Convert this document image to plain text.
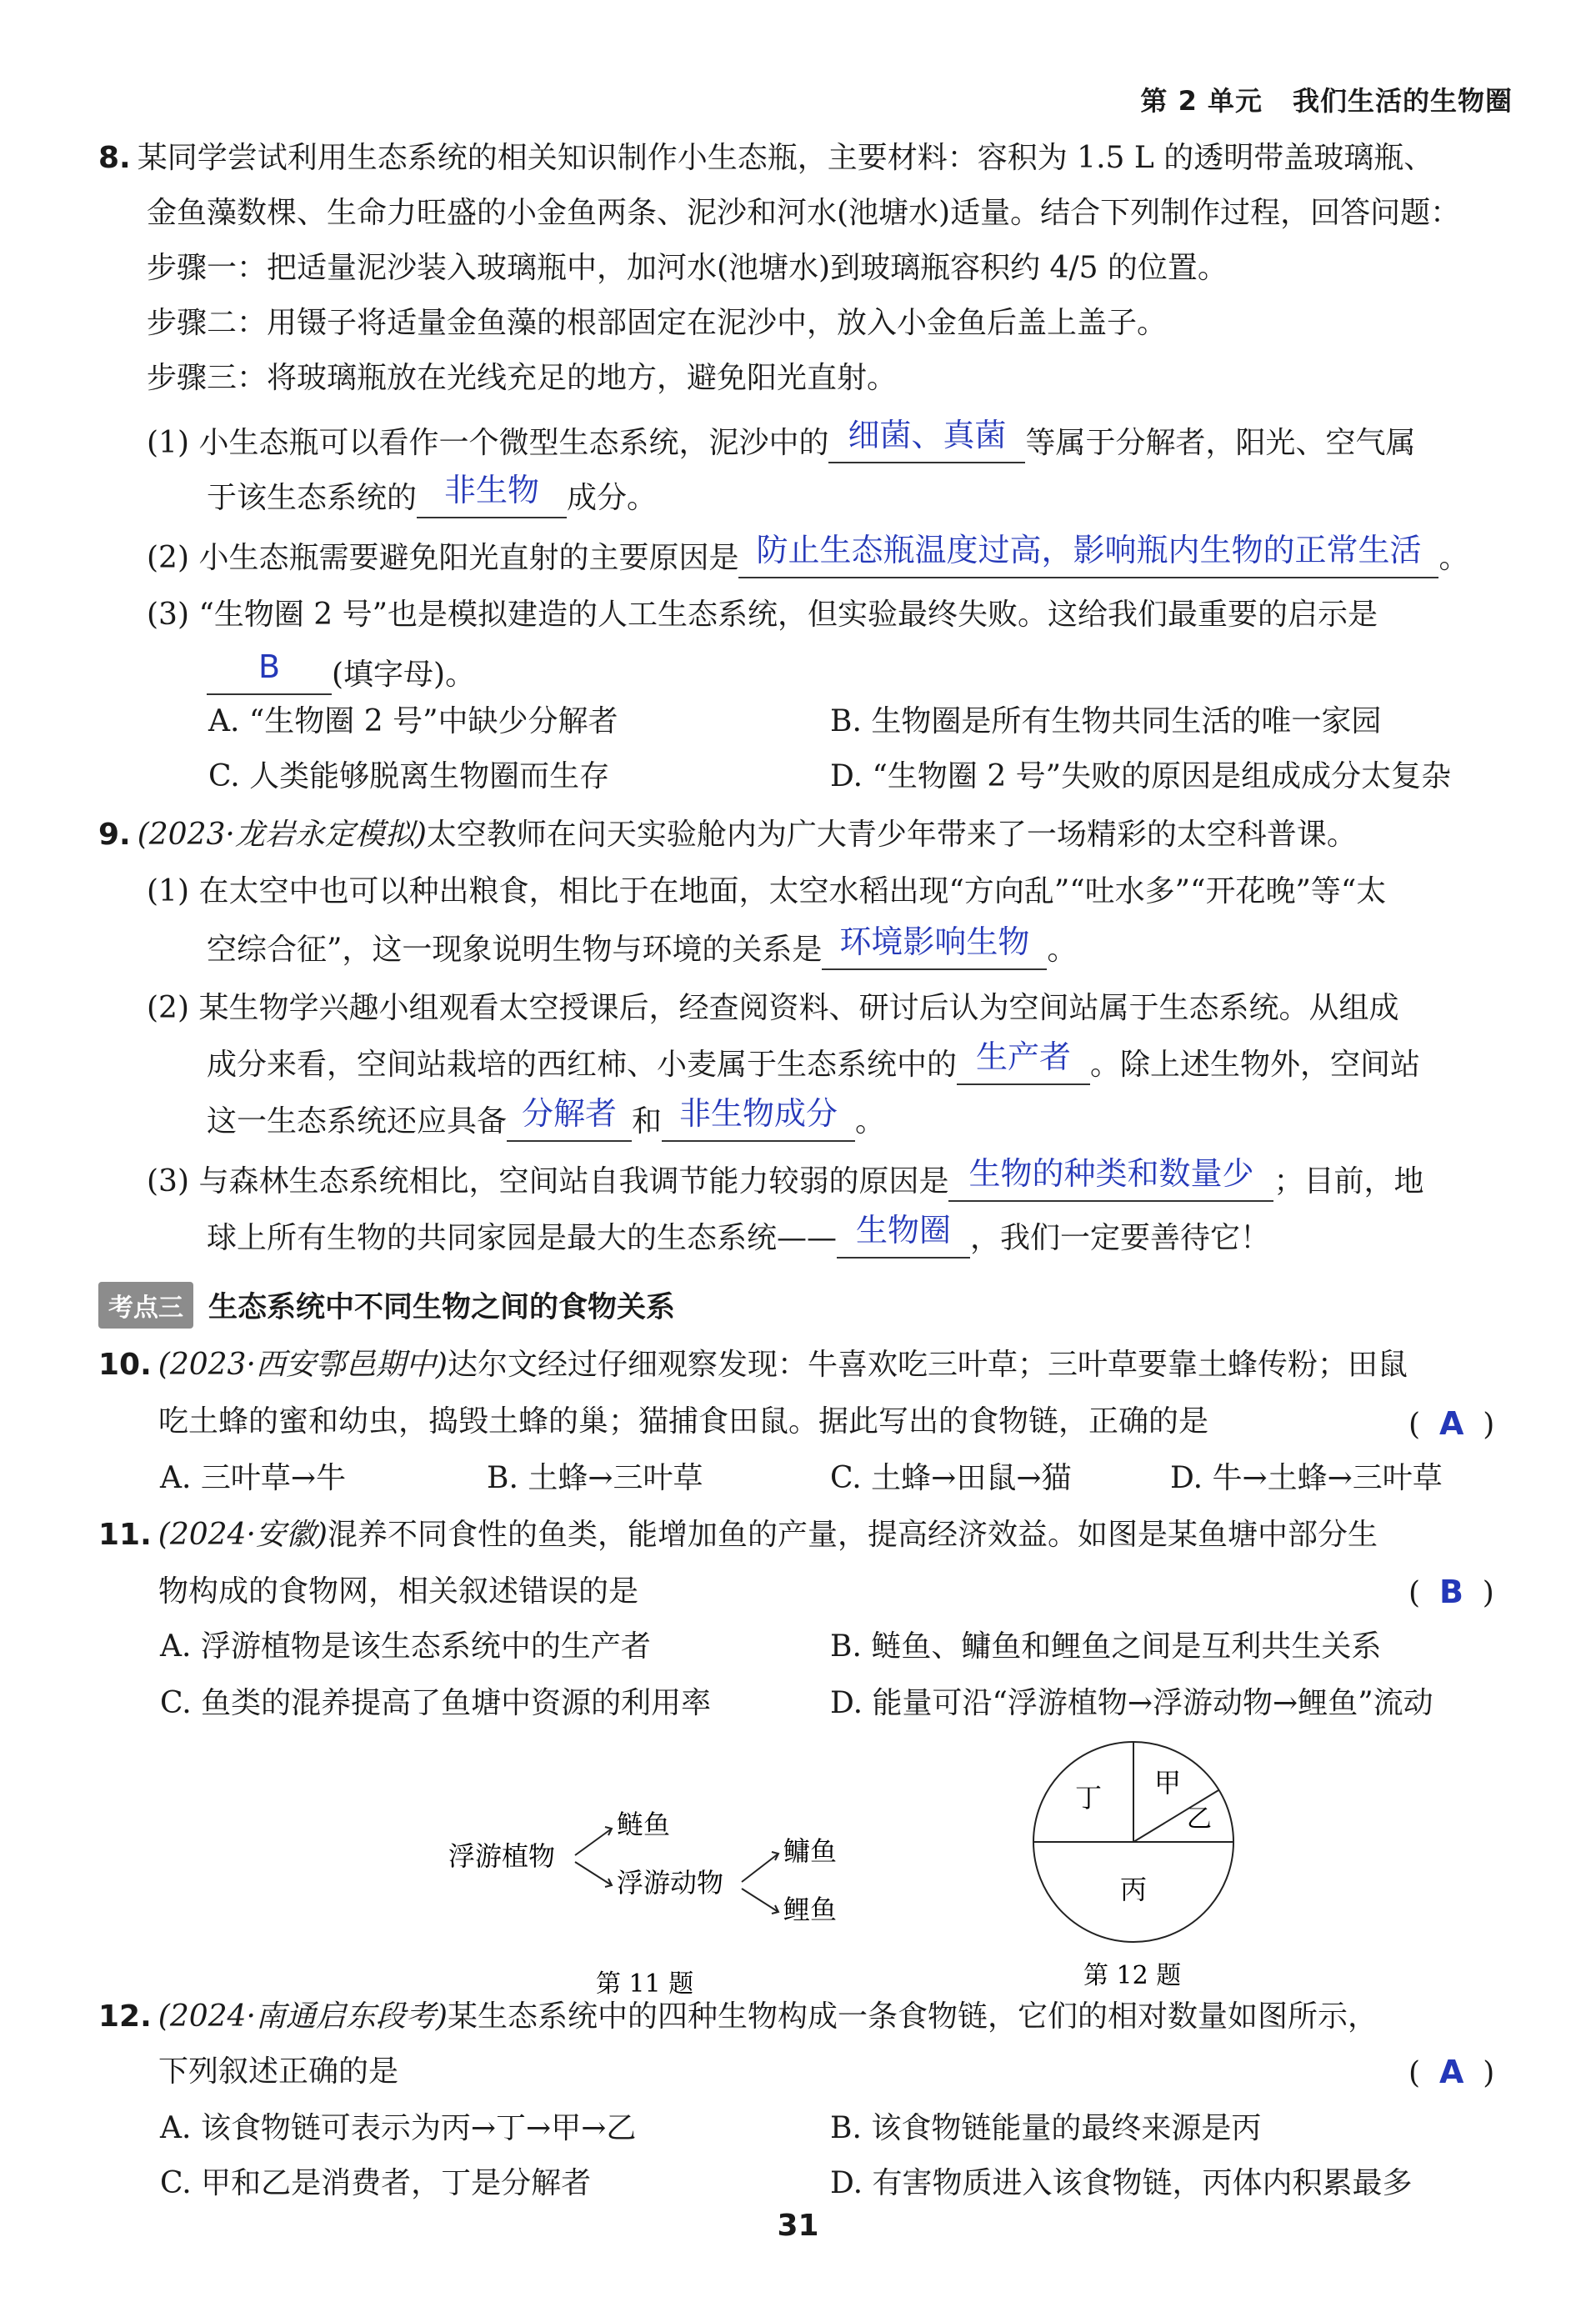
第 2 单元 我们生活的生物圈
8. 某同学尝试利用生态系统的相关知识制作小生态瓶，主要材料：容积为 1.5 L 的透明带盖玻璃瓶、
金鱼藻数棵、生命力旺盛的小金鱼两条、泥沙和河水(池塘水)适量。结合下列制作过程，回答问题：
步骤一：把适量泥沙装入玻璃瓶中，加河水(池塘水)到玻璃瓶容积约 4/5 的位置。
步骤二：用镊子将适量金鱼藻的根部固定在泥沙中，放入小金鱼后盖上盖子。
步骤三：将玻璃瓶放在光线充足的地方，避免阳光直射。
(1) 小生态瓶可以看作一个微型生态系统，泥沙中的 细菌、真菌 等属于分解者，阳光、空气属
于该生态系统的 非生物 成分。
(2) 小生态瓶需要避免阳光直射的主要原因是 防止生态瓶温度过高，影响瓶内生物的正常生活 。
(3) “生物圈 2 号”也是模拟建造的人工生态系统，但实验最终失败。这给我们最重要的启示是
B (填字母)。
A. “生物圈 2 号”中缺少分解者	B. 生物圈是所有生物共同生活的唯一家园
C. 人类能够脱离生物圈而生存	D. “生物圈 2 号”失败的原因是组成成分太复杂
9. (2023·龙岩永定模拟)太空教师在问天实验舱内为广大青少年带来了一场精彩的太空科普课。
(1) 在太空中也可以种出粮食，相比于在地面，太空水稻出现“方向乱”“吐水多”“开花晚”等“太
空综合征”，这一现象说明生物与环境的关系是 环境影响生物 。
(2) 某生物学兴趣小组观看太空授课后，经查阅资料、研讨后认为空间站属于生态系统。从组成
成分来看，空间站栽培的西红柿、小麦属于生态系统中的 生产者 。除上述生物外，空间站
这一生态系统还应具备 分解者 和 非生物成分 。
(3) 与森林生态系统相比，空间站自我调节能力较弱的原因是 生物的种类和数量少 ；目前，地
球上所有生物的共同家园是最大的生态系统—— 生物圈 ，我们一定要善待它！
考点三 生态系统中不同生物之间的食物关系
10. (2023·西安鄠邑期中)达尔文经过仔细观察发现：牛喜欢吃三叶草；三叶草要靠土蜂传粉；田鼠
吃土蜂的蜜和幼虫，捣毁土蜂的巢；猫捕食田鼠。据此写出的食物链，正确的是	(  A  )
A. 三叶草→牛	B. 土蜂→三叶草	C. 土蜂→田鼠→猫	D. 牛→土蜂→三叶草
11. (2024·安徽)混养不同食性的鱼类，能增加鱼的产量，提高经济效益。如图是某鱼塘中部分生
物构成的食物网，相关叙述错误的是	(  B  )
A. 浮游植物是该生态系统中的生产者	B. 鲢鱼、鳙鱼和鲤鱼之间是互利共生关系
C. 鱼类的混养提高了鱼塘中资源的利用率	D. 能量可沿“浮游植物→浮游动物→鲤鱼”流动
浮游植物
鲢鱼
浮游动物
鳙鱼
鲤鱼
第 11 题
甲
乙
丁
丙
第 12 题
12. (2024·南通启东段考)某生态系统中的四种生物构成一条食物链，它们的相对数量如图所示，
下列叙述正确的是	(  A  )
A. 该食物链可表示为丙→丁→甲→乙	B. 该食物链能量的最终来源是丙
C. 甲和乙是消费者，丁是分解者	D. 有害物质进入该食物链，丙体内积累最多
31
